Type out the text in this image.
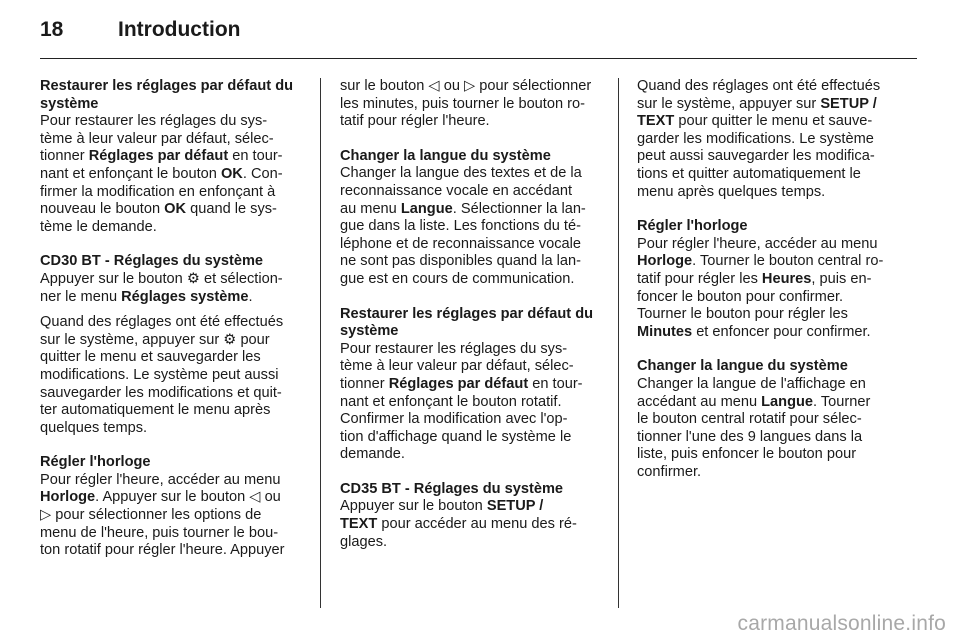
18	Introduction
Restaurer les réglages par défaut du
système

Pour restaurer les réglages du sys-
tème à leur valeur par défaut, sélec-
tionner Réglages par défaut en tour-
nant et enfonçant le bouton OK. Con-
firmer la modification en enfonçant à
nouveau le bouton OK quand le sys-
tème le demande.

CD30 BT - Réglages du système

Appuyer sur le bouton ⚙ et sélection-
ner le menu Réglages système.

Quand des réglages ont été effectués
sur le système, appuyer sur ⚙ pour
quitter le menu et sauvegarder les
modifications. Le système peut aussi
sauvegarder les modifications et quit-
ter automatiquement le menu après
quelques temps.

Régler l'horloge

Pour régler l'heure, accéder au menu
Horloge. Appuyer sur le bouton ◁ ou
▷ pour sélectionner les options de
menu de l'heure, puis tourner le bou-
ton rotatif pour régler l'heure. Appuyer

sur le bouton ◁ ou ▷ pour sélectionner
les minutes, puis tourner le bouton ro-
tatif pour régler l'heure.

Changer la langue du système

Changer la langue des textes et de la
reconnaissance vocale en accédant
au menu Langue. Sélectionner la lan-
gue dans la liste. Les fonctions du té-
léphone et de reconnaissance vocale
ne sont pas disponibles quand la lan-
gue est en cours de communication.

Restaurer les réglages par défaut du
système

Pour restaurer les réglages du sys-
tème à leur valeur par défaut, sélec-
tionner Réglages par défaut en tour-
nant et enfonçant le bouton rotatif.
Confirmer la modification avec l'op-
tion d'affichage quand le système le
demande.

CD35 BT - Réglages du système

Appuyer sur le bouton SETUP /
TEXT pour accéder au menu des ré-
glages.

Quand des réglages ont été effectués
sur le système, appuyer sur SETUP /
TEXT pour quitter le menu et sauve-
garder les modifications. Le système
peut aussi sauvegarder les modifica-
tions et quitter automatiquement le
menu après quelques temps.

Régler l'horloge

Pour régler l'heure, accéder au menu
Horloge. Tourner le bouton central ro-
tatif pour régler les Heures, puis en-
foncer le bouton pour confirmer.
Tourner le bouton pour régler les
Minutes et enfoncer pour confirmer.

Changer la langue du système

Changer la langue de l'affichage en
accédant au menu Langue. Tourner
le bouton central rotatif pour sélec-
tionner l'une des 9 langues dans la
liste, puis enfoncer le bouton pour
confirmer.

carmanualsonline.info
